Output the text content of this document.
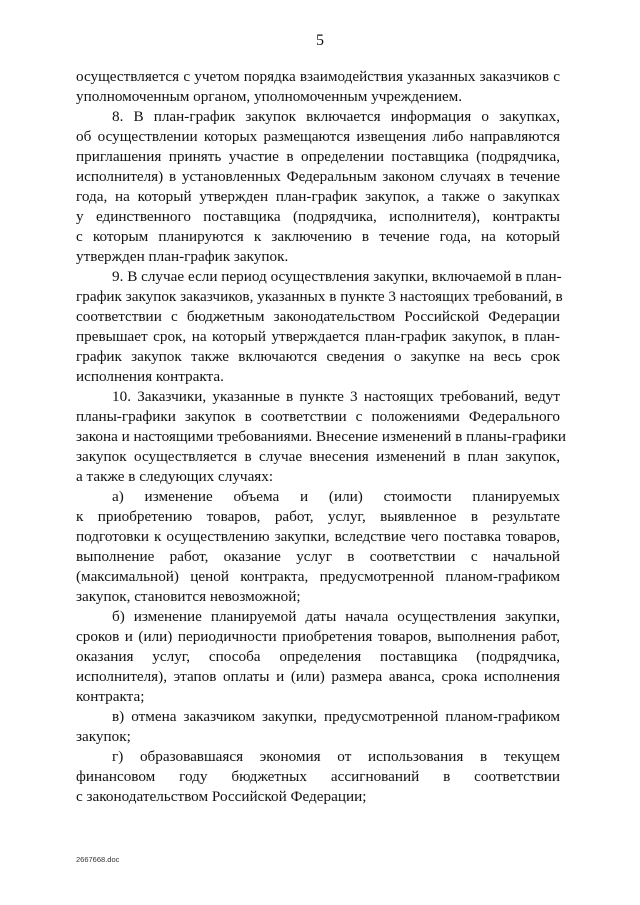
5
осуществляется с учетом порядка взаимодействия указанных заказчиков с
уполномоченным органом, уполномоченным учреждением.
8. В план-график закупок включается информация о закупках,
об осуществлении которых размещаются извещения либо направляются
приглашения принять участие в определении поставщика (подрядчика,
исполнителя) в установленных Федеральным законом случаях в течение
года, на который утвержден план-график закупок, а также о закупках
у единственного поставщика (подрядчика, исполнителя), контракты
с которым планируются к заключению в течение года, на который
утвержден план-график закупок.
9. В случае если период осуществления закупки, включаемой в план-
график закупок заказчиков, указанных в пункте 3 настоящих требований, в
соответствии с бюджетным законодательством Российской Федерации
превышает срок, на который утверждается план-график закупок, в план-
график закупок также включаются сведения о закупке на весь срок
исполнения контракта.
10. Заказчики, указанные в пункте 3 настоящих требований, ведут
планы-графики закупок в соответствии с положениями Федерального
закона и настоящими требованиями. Внесение изменений в планы-графики
закупок осуществляется в случае внесения изменений в план закупок,
а также в следующих случаях:
а) изменение объема и (или) стоимости планируемых
к приобретению товаров, работ, услуг, выявленное в результате
подготовки к осуществлению закупки, вследствие чего поставка товаров,
выполнение работ, оказание услуг в соответствии с начальной
(максимальной) ценой контракта, предусмотренной планом-графиком
закупок, становится невозможной;
б) изменение планируемой даты начала осуществления закупки,
сроков и (или) периодичности приобретения товаров, выполнения работ,
оказания услуг, способа определения поставщика (подрядчика,
исполнителя), этапов оплаты и (или) размера аванса, срока исполнения
контракта;
в) отмена заказчиком закупки, предусмотренной планом-графиком
закупок;
г) образовавшаяся экономия от использования в текущем
финансовом году бюджетных ассигнований в соответствии
с законодательством Российской Федерации;
2667668.doc
